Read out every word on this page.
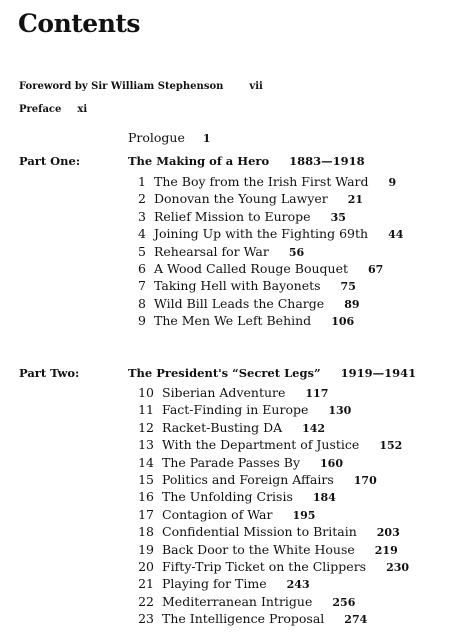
Contents
Foreword by Sir William Stephenson	vii
Preface xi
Prologue 1
Part One:	The Making of a Hero 1883—1918
1 The Boy from the Irish First Ward 9
2 Donovan the Young Lawyer 21
3 Relief Mission to Europe 35
4 Joining Up with the Fighting 69th 44
5 Rehearsal for War 56
6 A Wood Called Rouge Bouquet 67
7 Taking Hell with Bayonets 75
8 Wild Bill Leads the Charge 89
9 The Men We Left Behind 106
Part Two:	The President's “Secret Legs” 1919—1941
10 Siberian Adventure 117
11 Fact-Finding in Europe 130
12 Racket-Busting DA 142
13 With the Department of Justice 152
14 The Parade Passes By 160
15 Politics and Foreign Affairs 170
16 The Unfolding Crisis 184
17 Contagion of War 195
18 Confidential Mission to Britain 203
19 Back Door to the White House 219
20 Fifty-Trip Ticket on the Clippers 230
21 Playing for Time 243
22 Mediterranean Intrigue 256
23 The Intelligence Proposal 274
